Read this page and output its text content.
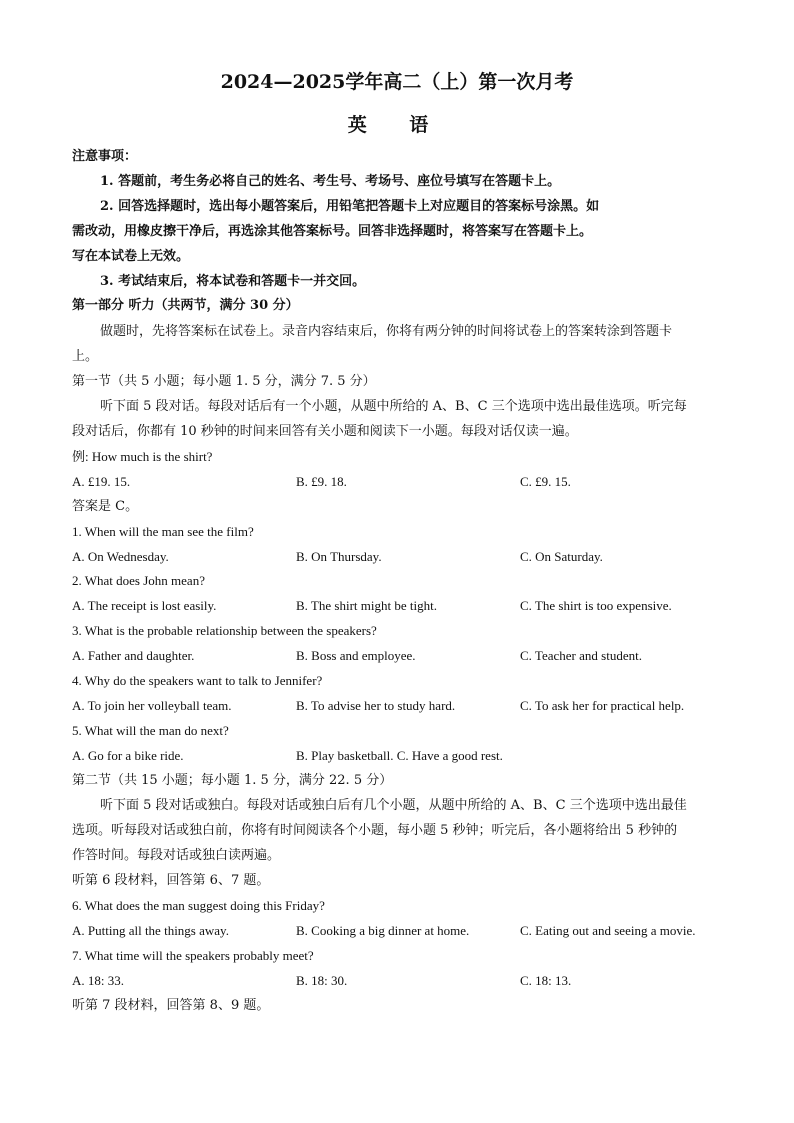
2024—2025学年高二（上）第一次月考
英 语
注意事项：
1. 答题前，考生务必将自己的姓名、考生号、考场号、座位号填写在答题卡上。
2. 回答选择题时，选出每小题答案后，用铅笔把答题卡上对应题目的答案标号涂黑。如
需改动，用橡皮擦干净后，再选涂其他答案标号。回答非选择题时，将答案写在答题卡上。
写在本试卷上无效。
3. 考试结束后，将本试卷和答题卡一并交回。
第一部分 听力（共两节，满分 30 分）
做题时，先将答案标在试卷上。录音内容结束后，你将有两分钟的时间将试卷上的答案转涂到答题卡
上。
第一节（共 5 小题；每小题 1. 5 分，满分 7. 5 分）
听下面 5 段对话。每段对话后有一个小题，从题中所给的 A、B、C 三个选项中选出最佳选项。听完每
段对话后，你都有 10 秒钟的时间来回答有关小题和阅读下一小题。每段对话仅读一遍。
例: How much is the shirt?
A. £19. 15.	B. £9. 18.	C. £9. 15.
答案是 C。
1. When will the man see the film?
A. On Wednesday.	B. On Thursday.	C. On Saturday.
2. What does John mean?
A. The receipt is lost easily.	B. The shirt might be tight.	C. The shirt is too expensive.
3. What is the probable relationship between the speakers?
A. Father and daughter.	B. Boss and employee.	C. Teacher and student.
4. Why do the speakers want to talk to Jennifer?
A. To join her volleyball team.	B. To advise her to study hard.	C. To ask her for practical help.
5. What will the man do next?
A. Go for a bike ride.	B. Play basketball. C. Have a good rest.
第二节（共 15 小题；每小题 1. 5 分，满分 22. 5 分）
听下面 5 段对话或独白。每段对话或独白后有几个小题，从题中所给的 A、B、C 三个选项中选出最佳
选项。听每段对话或独白前，你将有时间阅读各个小题，每小题 5 秒钟；听完后，各小题将给出 5 秒钟的
作答时间。每段对话或独白读两遍。
听第 6 段材料，回答第 6、7 题。
6. What does the man suggest doing this Friday?
A. Putting all the things away.	B. Cooking a big dinner at home.	C. Eating out and seeing a movie.
7. What time will the speakers probably meet?
A. 18: 33.	B. 18: 30.	C. 18: 13.
听第 7 段材料，回答第 8、9 题。
